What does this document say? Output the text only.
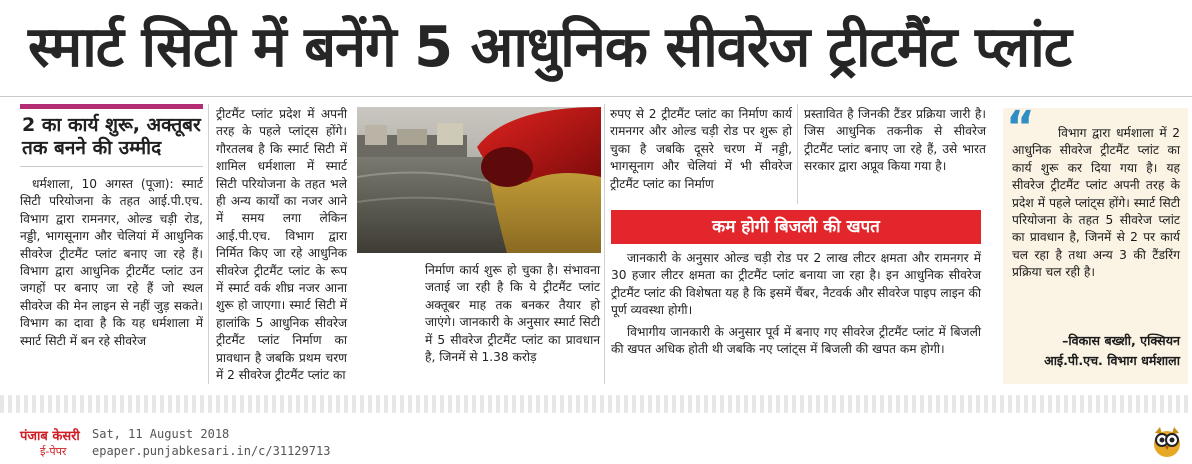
स्मार्ट सिटी में बनेंगे 5 आधुनिक सीवरेज ट्रीटमैंट प्लांट
2 का कार्य शुरू, अक्तूबर तक बनने की उम्मीद
धर्मशाला, 10 अगस्त (पूजा): स्मार्ट सिटी परियोजना के तहत आई.पी.एच. विभाग द्वारा रामनगर, ओल्ड चड़ी रोड, नड्डी, भागसूनाग और चेलियां में आधुनिक सीवरेज ट्रीटमैंट प्लांट बनाए जा रहे हैं। विभाग द्वारा आधुनिक ट्रीटमैंट प्लांट उन जगहों पर बनाए जा रहे हैं जो स्थल सीवरेज की मेन लाइन से नहीं जुड़ सकते। विभाग का दावा है कि यह धर्मशाला में स्मार्ट सिटी में बन रहे सीवरेज
ट्रीटमैंट प्लांट प्रदेश में अपनी तरह के पहले प्लांट्स होंगे। गौरतलब है कि स्मार्ट सिटी में शामिल धर्मशाला में स्मार्ट सिटी परियोजना के तहत भले ही अन्य कार्यों का नजर आने में समय लगा लेकिन आई.पी.एच. विभाग द्वारा निर्मित किए जा रहे आधुनिक सीवरेज ट्रीटमैंट प्लांट के रूप में स्मार्ट वर्क शीघ्र नजर आना शुरू हो जाएगा। स्मार्ट सिटी में हालांकि 5 आधुनिक सीवरेज ट्रीटमैंट प्लांट निर्माण का प्रावधान है जबकि प्रथम चरण में 2 सीवरेज ट्रीटमैंट प्लांट का
निर्माण कार्य शुरू हो चुका है। संभावना जताई जा रही है कि ये ट्रीटमैंट प्लांट अक्तूबर माह तक बनकर तैयार हो जाएंगे। जानकारी के अनुसार स्मार्ट सिटी में 5 सीवरेज ट्रीटमैंट प्लांट का प्रावधान है, जिनमें से 1.38 करोड़
रुपए से 2 ट्रीटमैंट प्लांट का निर्माण कार्य रामनगर और ओल्ड चड़ी रोड पर शुरू हो चुका है जबकि दूसरे चरण में नड्डी, भागसूनाग और चेलियां में भी सीवरेज ट्रीटमैंट प्लांट का निर्माण
प्रस्तावित है जिनकी टैंडर प्रक्रिया जारी है। जिस आधुनिक तकनीक से सीवरेज ट्रीटमैंट प्लांट बनाए जा रहे हैं, उसे भारत सरकार द्वारा अप्रूव किया गया है।
कम होगी बिजली की खपत
जानकारी के अनुसार ओल्ड चड़ी रोड पर 2 लाख लीटर क्षमता और रामनगर में 30 हजार लीटर क्षमता का ट्रीटमैंट प्लांट बनाया जा रहा है। इन आधुनिक सीवरेज ट्रीटमैंट प्लांट की विशेषता यह है कि इसमें चैंबर, नैटवर्क और सीवरेज पाइप लाइन की पूर्ण व्यवस्था होगी।
विभागीय जानकारी के अनुसार पूर्व में बनाए गए सीवरेज ट्रीटमैंट प्लांट में बिजली की खपत अधिक होती थी जबकि नए प्लांट्स में बिजली की खपत कम होगी।
“	विभाग द्वारा धर्मशाला में 2 आधुनिक सीवरेज ट्रीटमैंट प्लांट का कार्य शुरू कर दिया गया है। यह सीवरेज ट्रीटमैंट प्लांट अपनी तरह के प्रदेश में पहले प्लांट्स होंगे। स्मार्ट सिटी परियोजना के तहत 5 सीवरेज प्लांट का प्रावधान है, जिनमें से 2 पर कार्य चल रहा है तथा अन्य 3 की टैंडरिंग प्रक्रिया चल रही है।
–विकास बख्शी, एक्सियन
आई.पी.एच. विभाग धर्मशाला
पंजाब केसरी
ई-पेपर
Sat, 11 August 2018
epaper.punjabkesari.in/c/31129713
